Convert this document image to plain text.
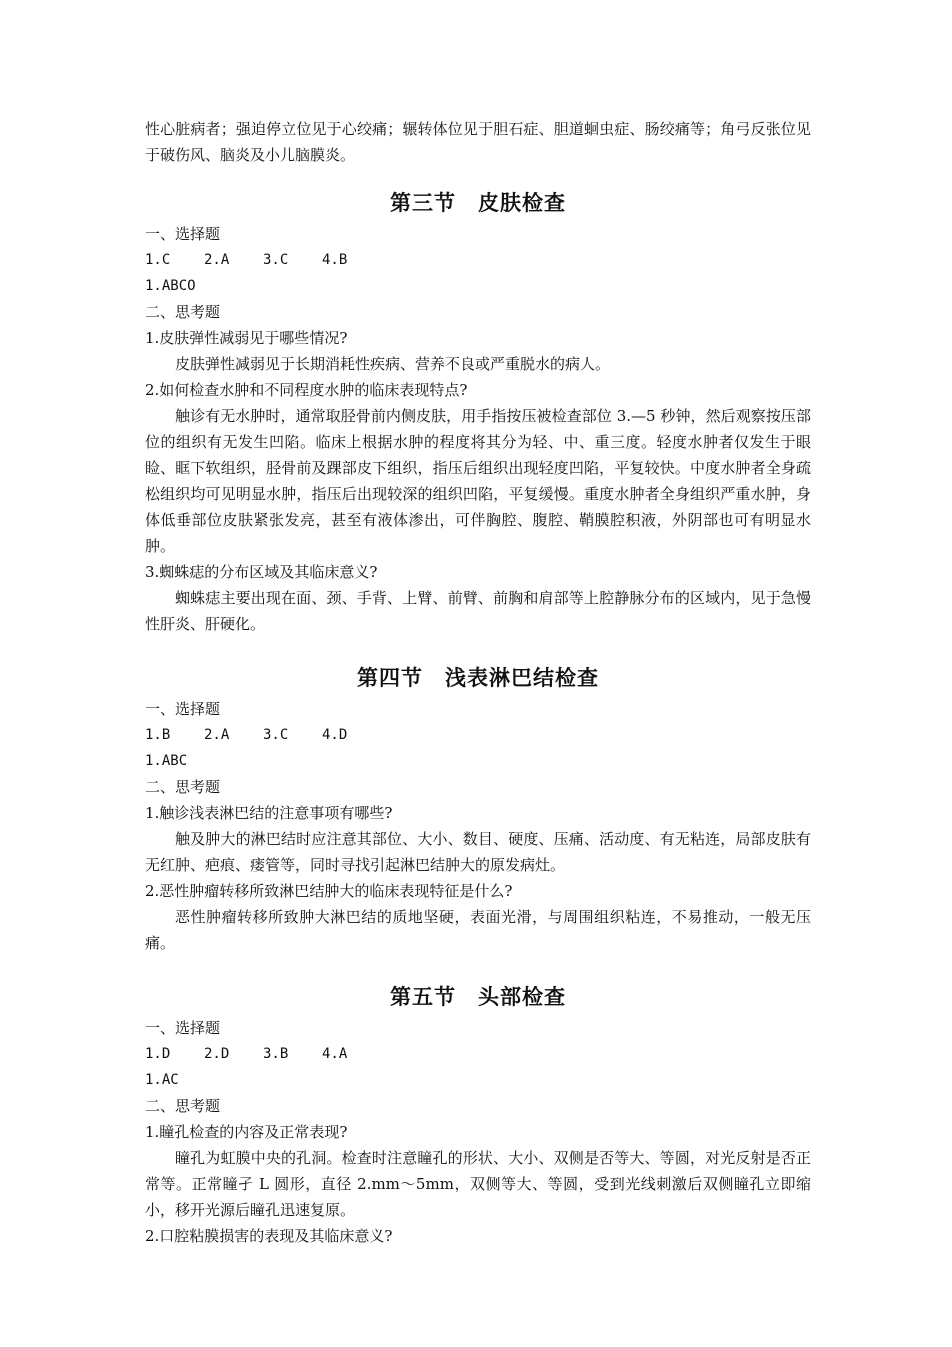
性心脏病者；强迫停立位见于心绞痛；辗转体位见于胆石症、胆道蛔虫症、肠绞痛等；角弓反张位见于破伤风、脑炎及小儿脑膜炎。

第三节　皮肤检查

一、选择题

1.C    2.A    3.C    4.B

1.ABCO

二、思考题

1.皮肤弹性减弱见于哪些情况?

皮肤弹性减弱见于长期消耗性疾病、营养不良或严重脱水的病人。

2.如何检查水肿和不同程度水肿的临床表现特点?

触诊有无水肿时，通常取胫骨前内侧皮肤，用手指按压被检查部位 3.—5 秒钟，然后观察按压部位的组织有无发生凹陷。临床上根据水肿的程度将其分为轻、中、重三度。轻度水肿者仅发生于眼睑、眶下软组织，胫骨前及踝部皮下组织，指压后组织出现轻度凹陷，平复较快。中度水肿者全身疏松组织均可见明显水肿，指压后出现较深的组织凹陷，平复缓慢。重度水肿者全身组织严重水肿，身体低垂部位皮肤紧张发亮，甚至有液体渗出，可伴胸腔、腹腔、鞘膜腔积液，外阴部也可有明显水肿。

3.蜘蛛痣的分布区域及其临床意义?

蜘蛛痣主要出现在面、颈、手背、上臂、前臂、前胸和肩部等上腔静脉分布的区域内，见于急慢性肝炎、肝硬化。

第四节　浅表淋巴结检查

一、选择题

1.B    2.A    3.C    4.D

1.ABC

二、思考题

1.触诊浅表淋巴结的注意事项有哪些?

触及肿大的淋巴结时应注意其部位、大小、数目、硬度、压痛、活动度、有无粘连，局部皮肤有无红肿、疤痕、瘘管等，同时寻找引起淋巴结肿大的原发病灶。

2.恶性肿瘤转移所致淋巴结肿大的临床表现特征是什么?

恶性肿瘤转移所致肿大淋巴结的质地坚硬，表面光滑，与周围组织粘连，不易推动，一般无压痛。

第五节　头部检查

一、选择题

1.D    2.D    3.B    4.A

1.AC

二、思考题

1.瞳孔检查的内容及正常表现?

瞳孔为虹膜中央的孔洞。检查时注意瞳孔的形状、大小、双侧是否等大、等圆，对光反射是否正常等。正常瞳孑 L 圆形，直径 2.mm～5mm，双侧等大、等圆，受到光线刺激后双侧瞳孔立即缩小，移开光源后瞳孔迅速复原。

2.口腔粘膜损害的表现及其临床意义?
